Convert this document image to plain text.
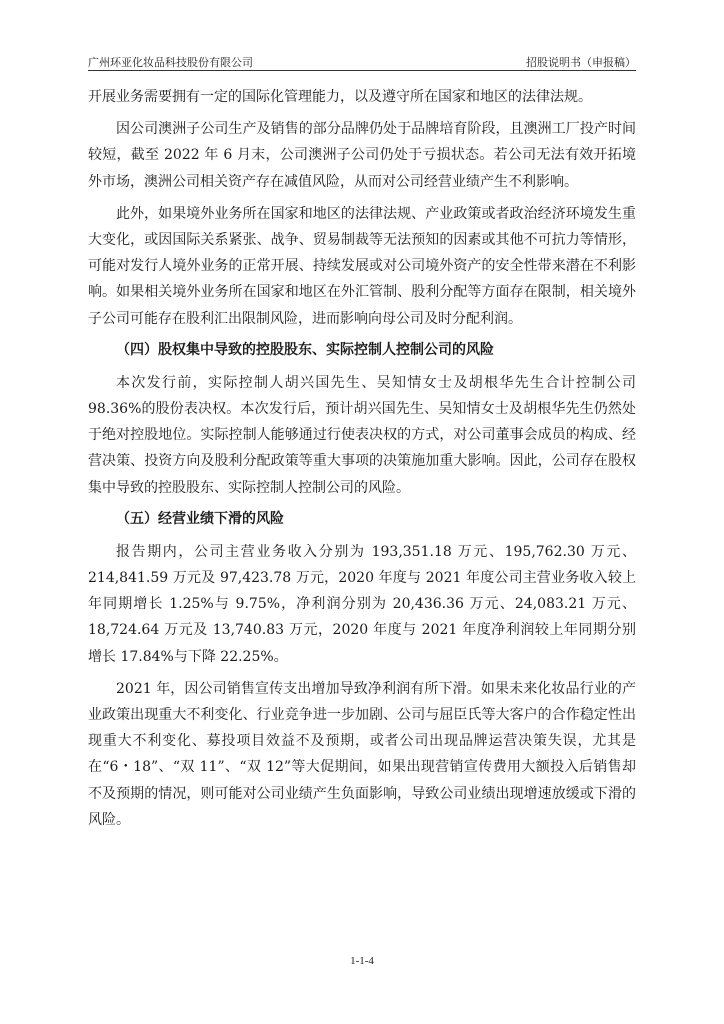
广州环亚化妆品科技股份有限公司	招股说明书（申报稿）

开展业务需要拥有一定的国际化管理能力，以及遵守所在国家和地区的法律法规。

因公司澳洲子公司生产及销售的部分品牌仍处于品牌培育阶段，且澳洲工厂投产时间较短，截至 2022 年 6 月末，公司澳洲子公司仍处于亏损状态。若公司无法有效开拓境外市场，澳洲公司相关资产存在减值风险，从而对公司经营业绩产生不利影响。

此外，如果境外业务所在国家和地区的法律法规、产业政策或者政治经济环境发生重大变化，或因国际关系紧张、战争、贸易制裁等无法预知的因素或其他不可抗力等情形，可能对发行人境外业务的正常开展、持续发展或对公司境外资产的安全性带来潜在不利影响。如果相关境外业务所在国家和地区在外汇管制、股利分配等方面存在限制，相关境外子公司可能存在股利汇出限制风险，进而影响向母公司及时分配利润。

（四）股权集中导致的控股股东、实际控制人控制公司的风险

本次发行前，实际控制人胡兴国先生、吴知情女士及胡根华先生合计控制公司 98.36%的股份表决权。本次发行后，预计胡兴国先生、吴知情女士及胡根华先生仍然处于绝对控股地位。实际控制人能够通过行使表决权的方式，对公司董事会成员的构成、经营决策、投资方向及股利分配政策等重大事项的决策施加重大影响。因此，公司存在股权集中导致的控股股东、实际控制人控制公司的风险。

（五）经营业绩下滑的风险

报告期内，公司主营业务收入分别为 193,351.18 万元、195,762.30 万元、214,841.59 万元及 97,423.78 万元，2020 年度与 2021 年度公司主营业务收入较上年同期增长 1.25%与 9.75%，净利润分别为 20,436.36 万元、24,083.21 万元、18,724.64 万元及 13,740.83 万元，2020 年度与 2021 年度净利润较上年同期分别增长 17.84%与下降 22.25%。

2021 年，因公司销售宣传支出增加导致净利润有所下滑。如果未来化妆品行业的产业政策出现重大不利变化、行业竞争进一步加剧、公司与屈臣氏等大客户的合作稳定性出现重大不利变化、募投项目效益不及预期，或者公司出现品牌运营决策失误，尤其是在“6・18”、“双 11”、“双 12”等大促期间，如果出现营销宣传费用大额投入后销售却不及预期的情况，则可能对公司业绩产生负面影响，导致公司业绩出现增速放缓或下滑的风险。

1-1-4
